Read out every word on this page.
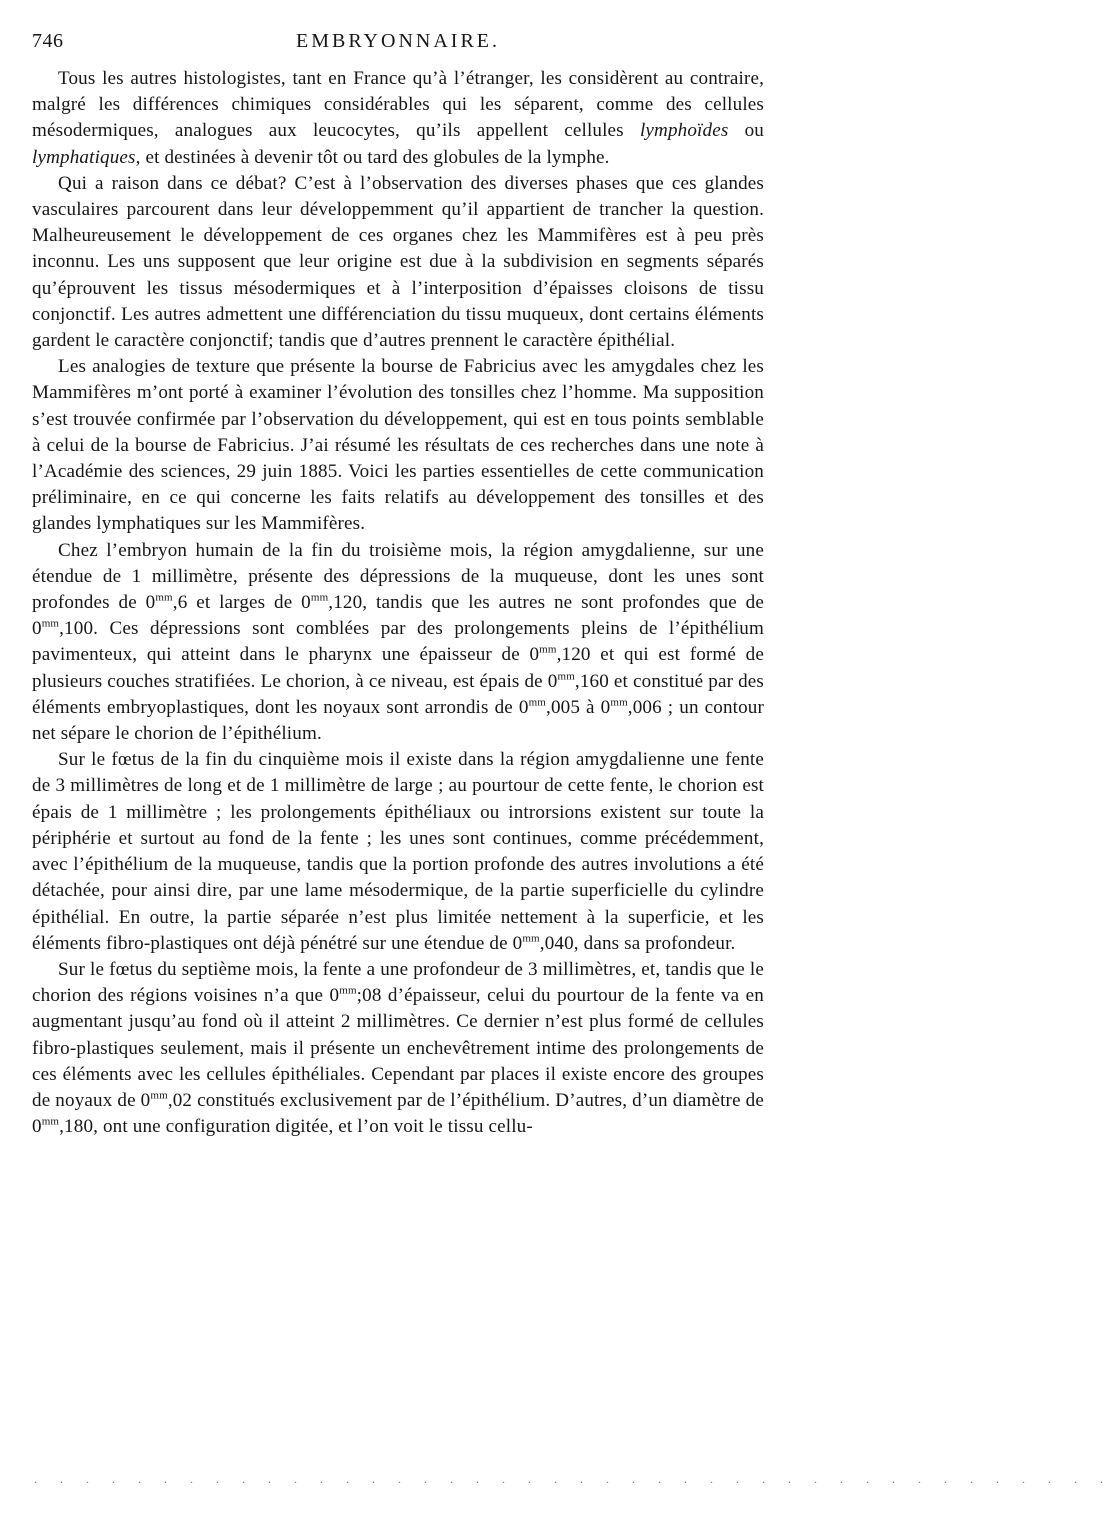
746	EMBRYONNAIRE.

Tous les autres histologistes, tant en France qu’à l’étranger, les considèrent au contraire, malgré les différences chimiques considérables qui les séparent, comme des cellules mésodermiques, analogues aux leucocytes, qu’ils appellent cellules lymphoïdes ou lymphatiques, et destinées à devenir tôt ou tard des globules de la lymphe.

Qui a raison dans ce débat? C’est à l’observation des diverses phases que ces glandes vasculaires parcourent dans leur développemment qu’il appartient de trancher la question. Malheureusement le développement de ces organes chez les Mammifères est à peu près inconnu. Les uns supposent que leur origine est due à la subdivision en segments séparés qu’éprouvent les tissus mésodermiques et à l’interposition d’épaisses cloisons de tissu conjonctif. Les autres admettent une différenciation du tissu muqueux, dont certains éléments gardent le caractère conjonctif; tandis que d’autres prennent le caractère épithélial.

Les analogies de texture que présente la bourse de Fabricius avec les amygdales chez les Mammifères m’ont porté à examiner l’évolution des tonsilles chez l’homme. Ma supposition s’est trouvée confirmée par l’observation du développement, qui est en tous points semblable à celui de la bourse de Fabricius. J’ai résumé les résultats de ces recherches dans une note à l’Académie des sciences, 29 juin 1885. Voici les parties essentielles de cette communication préliminaire, en ce qui concerne les faits relatifs au développement des tonsilles et des glandes lymphatiques sur les Mammifères.

Chez l’embryon humain de la fin du troisième mois, la région amygdalienne, sur une étendue de 1 millimètre, présente des dépressions de la muqueuse, dont les unes sont profondes de $0^{mm},6$ et larges de $0^{mm},120$, tandis que les autres ne sont profondes que de $0^{mm},100$. Ces dépressions sont comblées par des prolongements pleins de l’épithélium pavimenteux, qui atteint dans le pharynx une épaisseur de $0^{mm},120$ et qui est formé de plusieurs couches stratifiées. Le chorion, à ce niveau, est épais de $0^{mm},160$ et constitué par des éléments embryoplastiques, dont les noyaux sont arrondis de $0^{mm},005$ à $0^{mm},006$ ; un contour net sépare le chorion de l’épithélium.

Sur le fœtus de la fin du cinquième mois il existe dans la région amygdalienne une fente de 3 millimètres de long et de 1 millimètre de large ; au pourtour de cette fente, le chorion est épais de 1 millimètre ; les prolongements épithéliaux ou introrsions existent sur toute la périphérie et surtout au fond de la fente ; les unes sont continues, comme précédemment, avec l’épithélium de la muqueuse, tandis que la portion profonde des autres involutions a été détachée, pour ainsi dire, par une lame mésodermique, de la partie superficielle du cylindre épithélial. En outre, la partie séparée n’est plus limitée nettement à la superficie, et les éléments fibro-plastiques ont déjà pénétré sur une étendue de $0^{mm},040$, dans sa profondeur.

Sur le fœtus du septième mois, la fente a une profondeur de 3 millimètres, et, tandis que le chorion des régions voisines n’a que $0^{mm};08$ d’épaisseur, celui du pourtour de la fente va en augmentant jusqu’au fond où il atteint 2 millimètres. Ce dernier n’est plus formé de cellules fibro-plastiques seulement, mais il présente un enchevêtrement intime des prolongements de ces éléments avec les cellules épithéliales. Cependant par places il existe encore des groupes de noyaux de $0^{mm},02$ constitués exclusivement par de l’épithélium. D’autres, d’un diamètre de $0^{mm},180$, ont une configuration digitée, et l’on voit le tissu cellu-

. . . . . . . . . . . . . . . . . . . . . . . . . . . . . . . . . . . . . . . . . .
